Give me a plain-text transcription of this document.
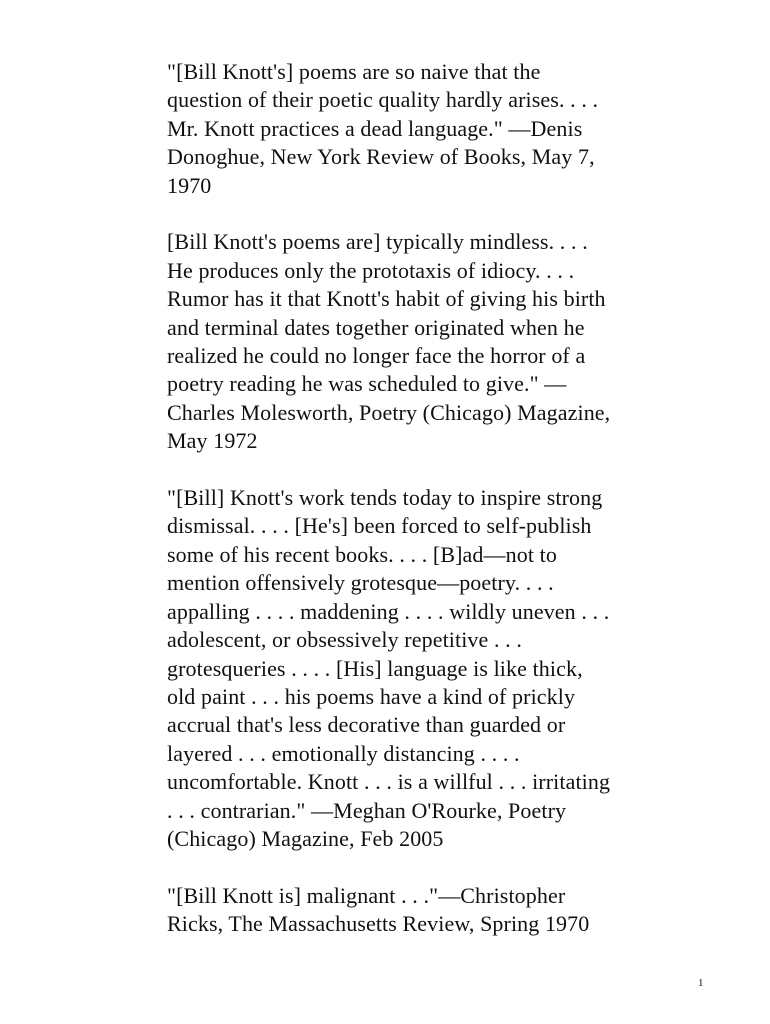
"[Bill Knott's] poems are so naive that the
question of their poetic quality hardly arises. . . .
Mr. Knott practices a dead language." —Denis
Donoghue, New York Review of Books, May 7,
1970
[Bill Knott's poems are] typically mindless. . . .
He produces only the prototaxis of idiocy. . . .
Rumor has it that Knott's habit of giving his birth
and terminal dates together originated when he
realized he could no longer face the horror of a
poetry reading he was scheduled to give." —
Charles Molesworth, Poetry (Chicago) Magazine,
May 1972
"[Bill] Knott's work tends today to inspire strong
dismissal. . . . [He's] been forced to self-publish
some of his recent books. . . . [B]ad—not to
mention offensively grotesque—poetry. . . .
appalling . . . . maddening . . . . wildly uneven . . .
adolescent, or obsessively repetitive . . .
grotesqueries . . . . [His] language is like thick,
old paint . . . his poems have a kind of prickly
accrual that's less decorative than guarded or
layered . . . emotionally distancing . . . .
uncomfortable. Knott . . . is a willful . . . irritating
. . . contrarian." —Meghan O'Rourke, Poetry
(Chicago) Magazine, Feb 2005
"[Bill Knott is] malignant . . ."—Christopher
Ricks, The Massachusetts Review, Spring 1970
1
